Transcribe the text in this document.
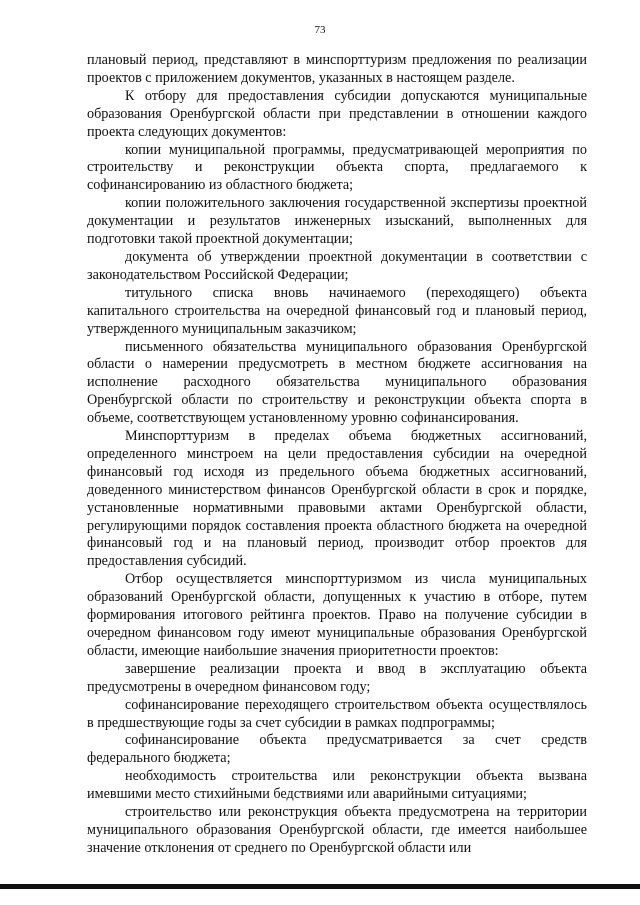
73

плановый период, представляют в минспорттуризм предложения по реализации проектов с приложением документов, указанных в настоящем разделе.

К отбору для предоставления субсидии допускаются муниципальные образования Оренбургской области при представлении в отношении каждого проекта следующих документов:

копии муниципальной программы, предусматривающей мероприятия по строительству и реконструкции объекта спорта, предлагаемого к софинансированию из областного бюджета;

копии положительного заключения государственной экспертизы проектной документации и результатов инженерных изысканий, выполненных для подготовки такой проектной документации;

документа об утверждении проектной документации в соответствии с законодательством Российской Федерации;

титульного списка вновь начинаемого (переходящего) объекта капитального строительства на очередной финансовый год и плановый период, утвержденного муниципальным заказчиком;

письменного обязательства муниципального образования Оренбургской области о намерении предусмотреть в местном бюджете ассигнования на исполнение расходного обязательства муниципального образования Оренбургской области по строительству и реконструкции объекта спорта в объеме, соответствующем установленному уровню софинансирования.

Минспорттуризм в пределах объема бюджетных ассигнований, определенного минстроем на цели предоставления субсидии на очередной финансовый год исходя из предельного объема бюджетных ассигнований, доведенного министерством финансов Оренбургской области в срок и порядке, установленные нормативными правовыми актами Оренбургской области, регулирующими порядок составления проекта областного бюджета на очередной финансовый год и на плановый период, производит отбор проектов для предоставления субсидий.

Отбор осуществляется минспорттуризмом из числа муниципальных образований Оренбургской области, допущенных к участию в отборе, путем формирования итогового рейтинга проектов. Право на получение субсидии в очередном финансовом году имеют муниципальные образования Оренбургской области, имеющие наибольшие значения приоритетности проектов:

завершение реализации проекта и ввод в эксплуатацию объекта предусмотрены в очередном финансовом году;

софинансирование переходящего строительством объекта осуществлялось в предшествующие годы за счет субсидии в рамках подпрограммы;

софинансирование объекта предусматривается за счет средств федерального бюджета;

необходимость строительства или реконструкции объекта вызвана имевшими место стихийными бедствиями или аварийными ситуациями;

строительство или реконструкция объекта предусмотрена на территории муниципального образования Оренбургской области, где имеется наибольшее значение отклонения от среднего по Оренбургской области или
